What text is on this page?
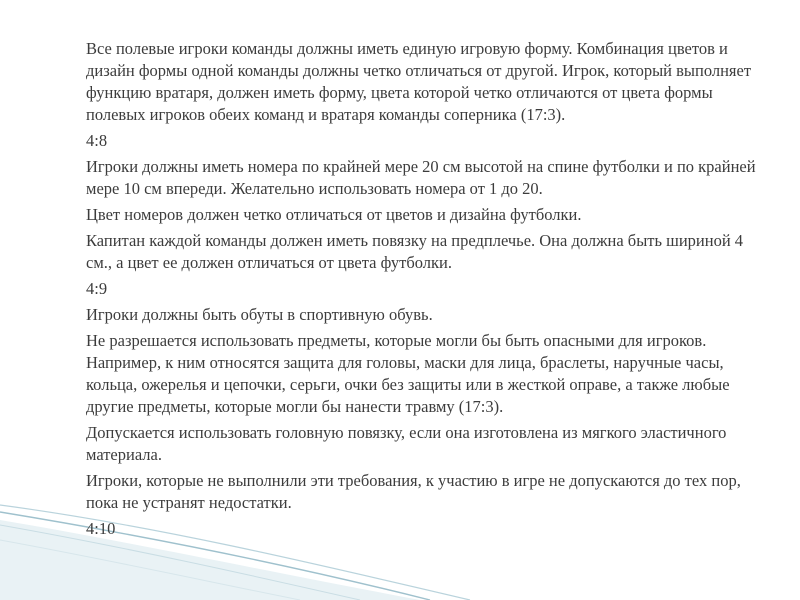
Все полевые игроки команды должны иметь единую игровую форму. Комбинация цветов и дизайн формы одной команды должны четко отличаться от другой. Игрок, который выполняет функцию вратаря, должен иметь форму, цвета которой четко отличаются от цвета формы полевых игроков обеих команд и вратаря команды соперника (17:3).
4:8
Игроки должны иметь номера по крайней мере 20 см высотой на спине футболки и по крайней мере 10 см впереди. Желательно использовать номера от 1 до 20.
Цвет номеров должен четко отличаться от цветов и дизайна футболки.
Капитан каждой команды должен иметь повязку на предплечье. Она должна быть шириной 4 см., а цвет ее должен отличаться от цвета футболки.
4:9
Игроки должны быть обуты в спортивную обувь.
Не разрешается использовать предметы, которые могли бы быть опасными для игроков. Например, к ним относятся защита для головы, маски для лица, браслеты, наручные часы, кольца, ожерелья и цепочки, серьги, очки без защиты или в жесткой оправе, а также любые другие предметы, которые могли бы нанести травму (17:3).
Допускается использовать головную повязку, если она изготовлена из мягкого эластичного материала.
Игроки, которые не выполнили эти требования, к участию в игре не допускаются до тех пор, пока не устранят недостатки.
4:10
